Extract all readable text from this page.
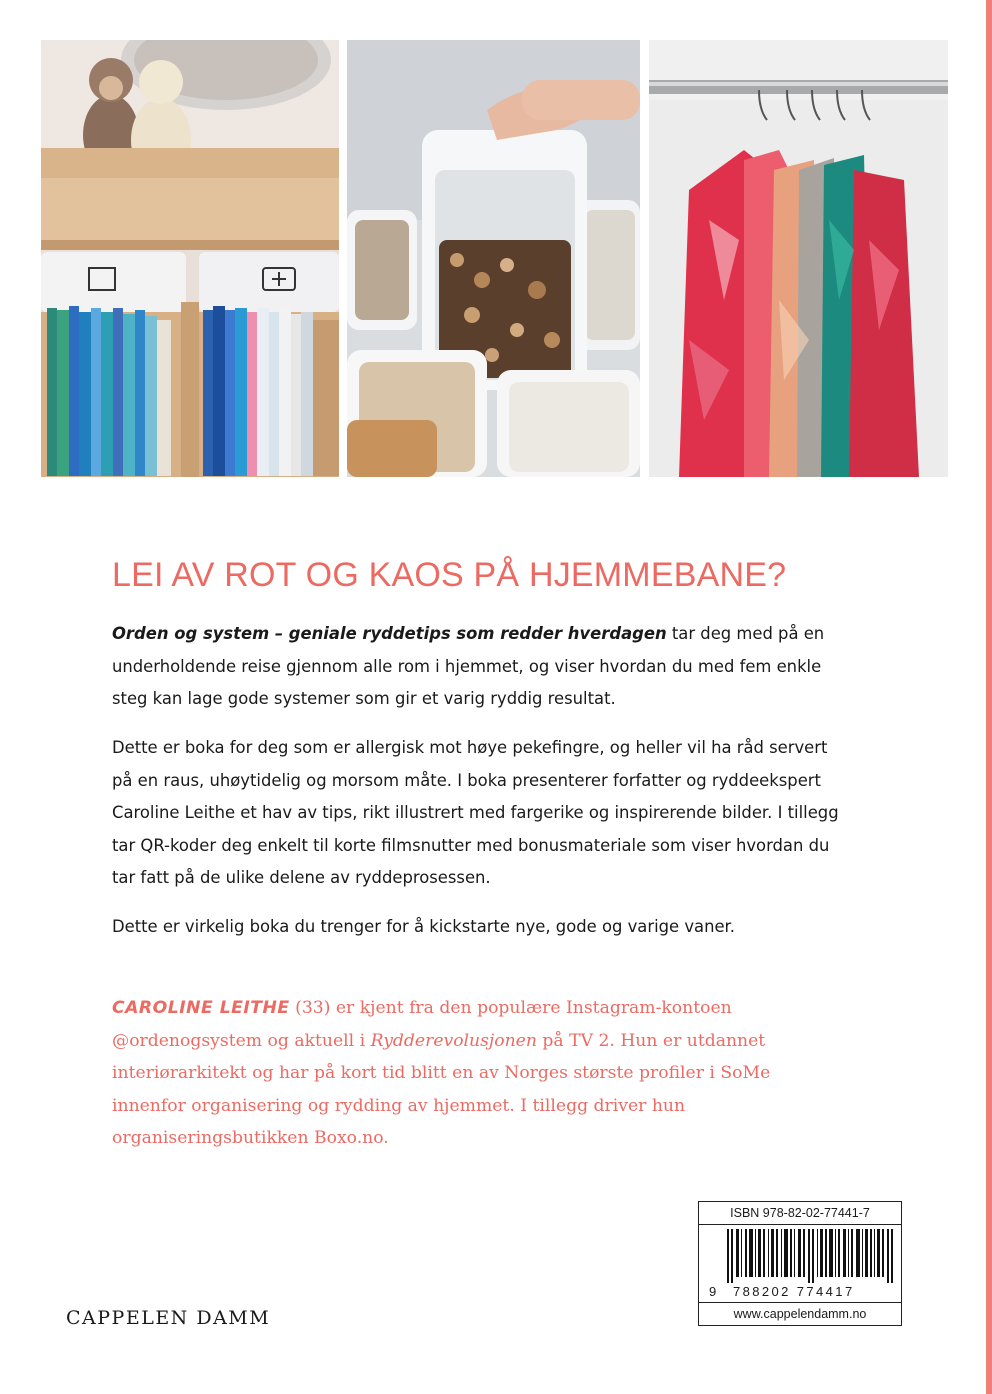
LEI AV ROT OG KAOS PÅ HJEMMEBANE?

Orden og system – geniale ryddetips som redder hverdagen tar deg med på en underholdende reise gjennom alle rom i hjemmet, og viser hvordan du med fem enkle steg kan lage gode systemer som gir et varig ryddig resultat.

Dette er boka for deg som er allergisk mot høye pekefingre, og heller vil ha råd servert på en raus, uhøytidelig og morsom måte. I boka presenterer forfatter og ryddeekspert Caroline Leithe et hav av tips, rikt illustrert med fargerike og inspirerende bilder. I tillegg tar QR-koder deg enkelt til korte filmsnutter med bonusmateriale som viser hvordan du tar fatt på de ulike delene av ryddeprosessen.

Dette er virkelig boka du trenger for å kickstarte nye, gode og varige vaner.

CAROLINE LEITHE (33) er kjent fra den populære Instagram-kontoen @ordenogsystem og aktuell i Rydderevolusjonen på TV 2. Hun er utdannet interiørarkitekt og har på kort tid blitt en av Norges største profiler i SoMe innenfor organisering og rydding av hjemmet. I tillegg driver hun organiseringsbutikken Boxo.no.

CAPPELEN DAMM
ISBN 978-82-02-77441-7
9 788202 774417
www.cappelendamm.no
